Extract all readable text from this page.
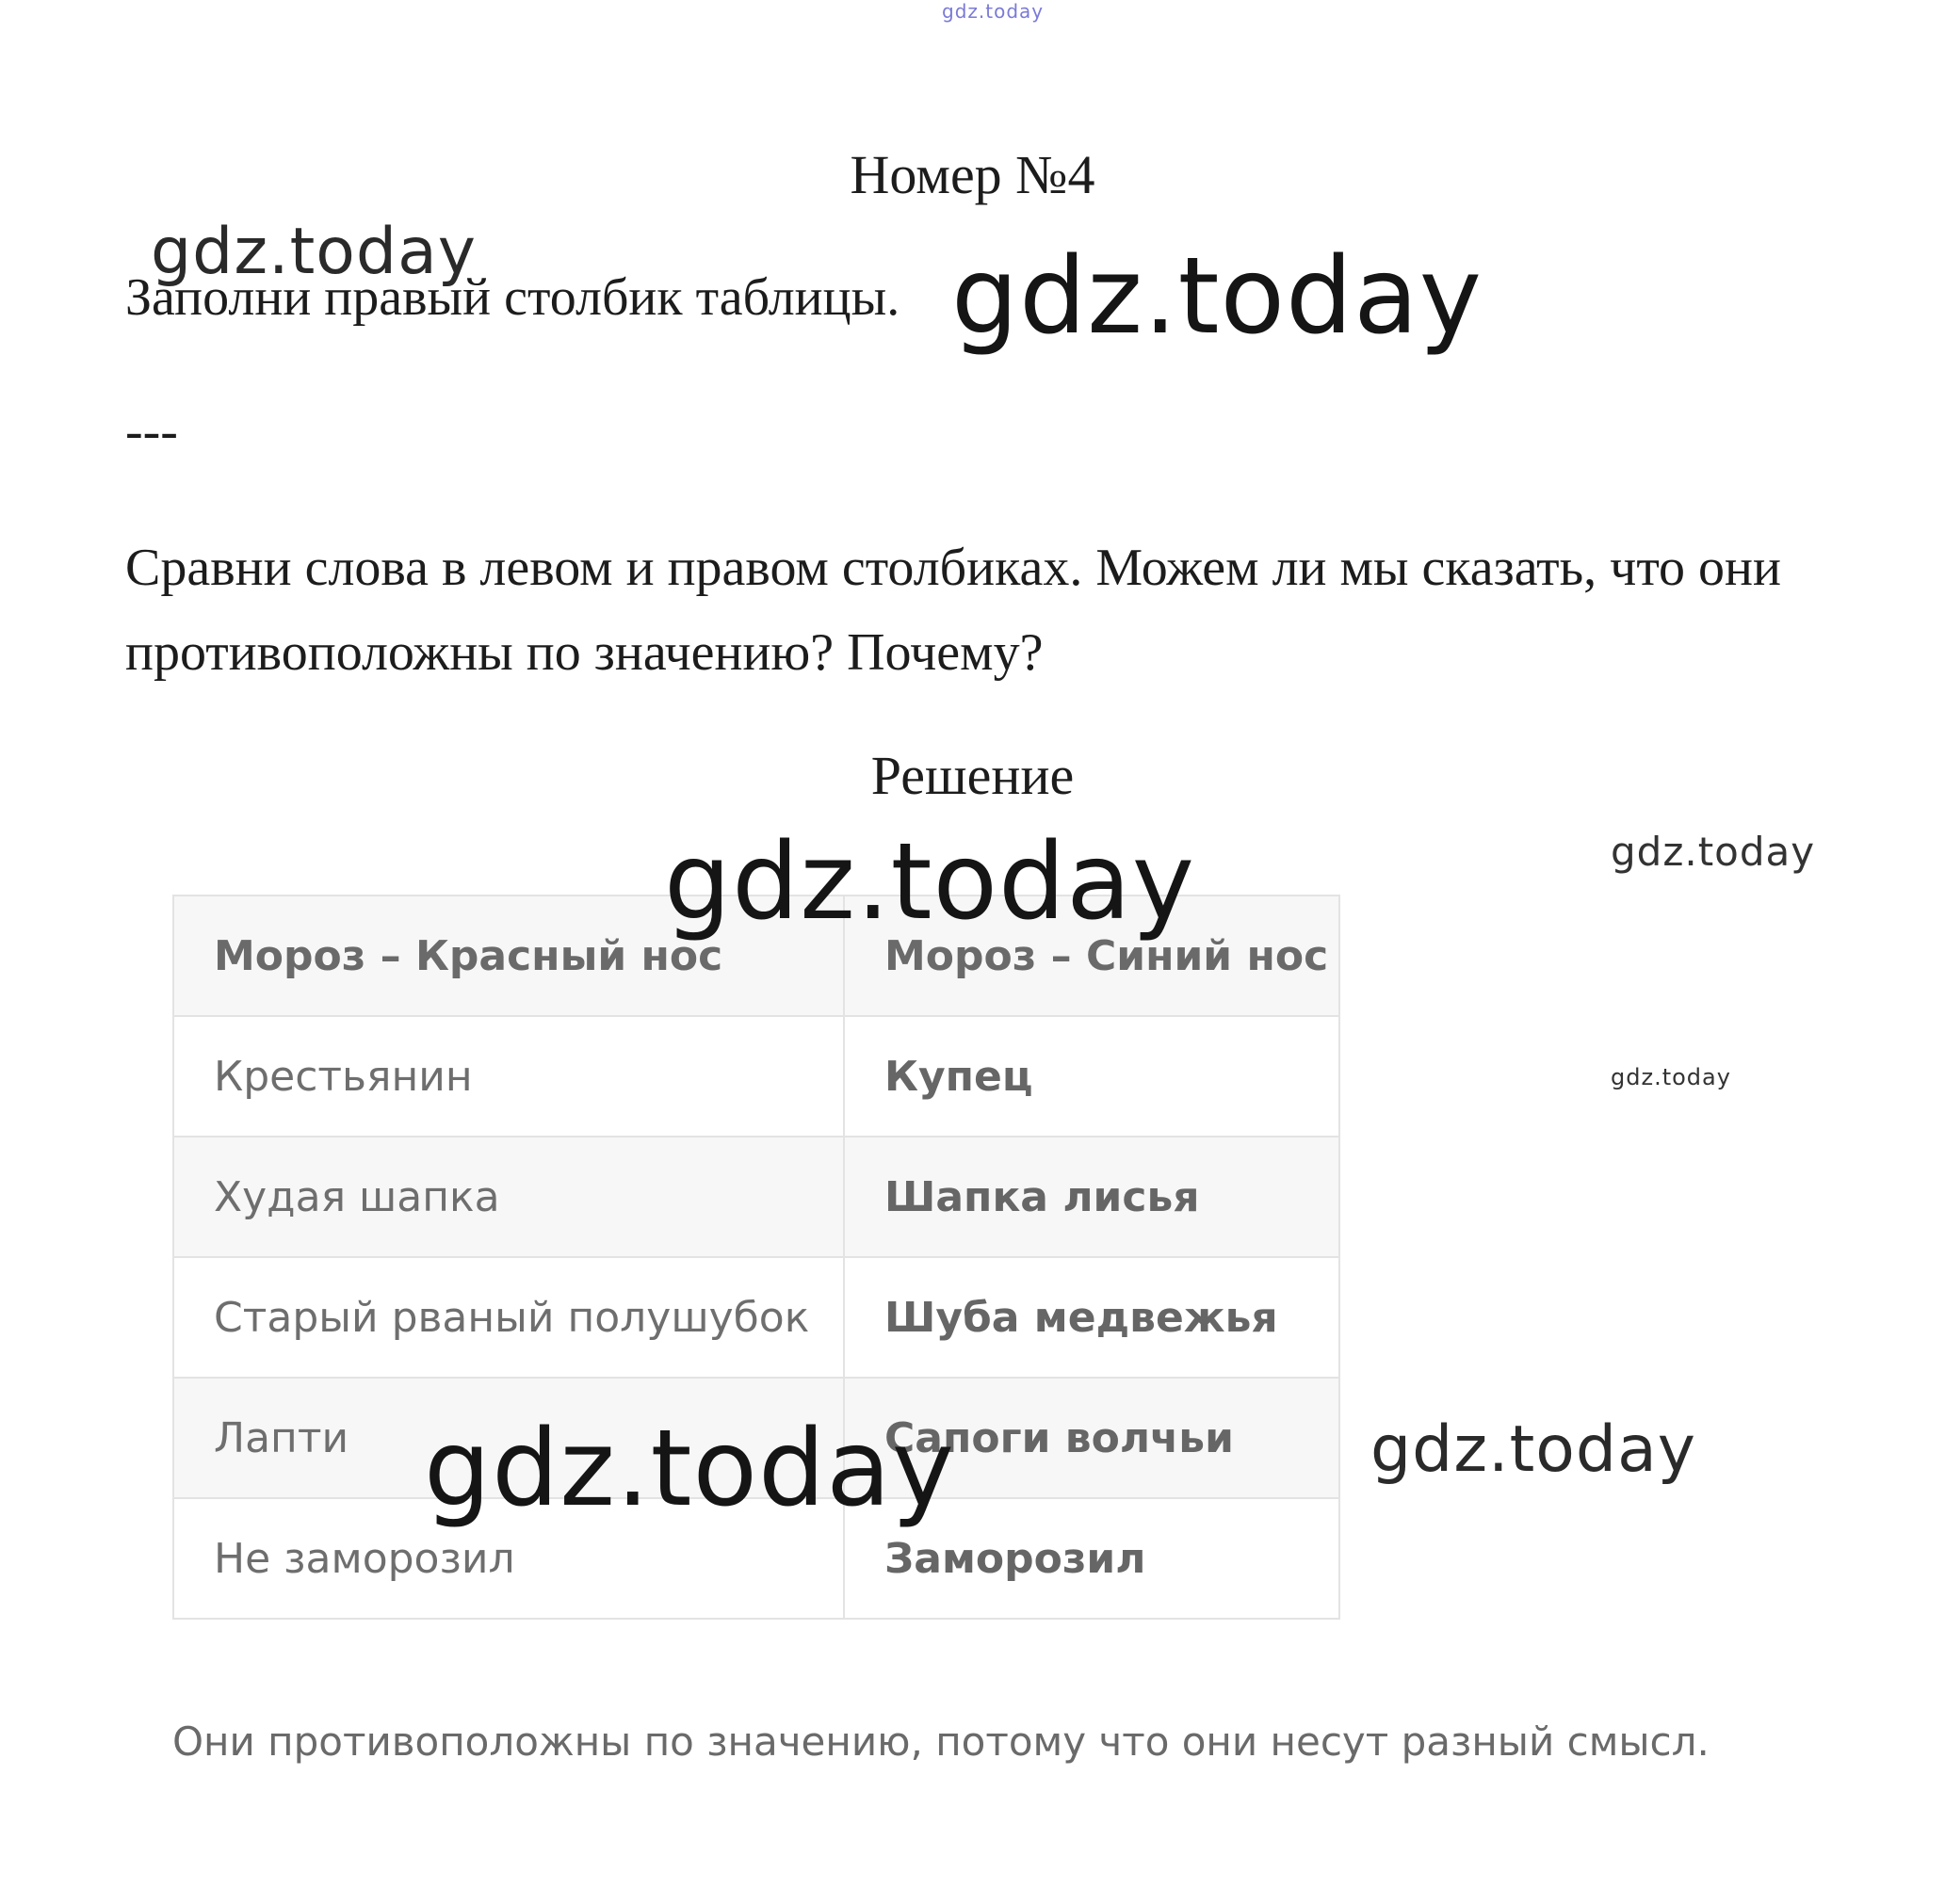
gdz.today
Номер №4
Заполни правый столбик таблицы.
---
Сравни слова в левом и правом столбиках. Можем ли мы сказать, что они противоположны по значению? Почему?
Решение
Мороз – Красный нос	Мороз – Синий нос
Крестьянин	Купец
Худая шапка	Шапка лисья
Старый рваный полушубок	Шуба медвежья
Лапти	Сапоги волчьи
Не заморозил	Заморозил
Они противоположны по значению, потому что они несут разный смысл.
gdz.today	gdz.today
gdz.today	gdz.today
gdz.today
gdz.today	gdz.today
